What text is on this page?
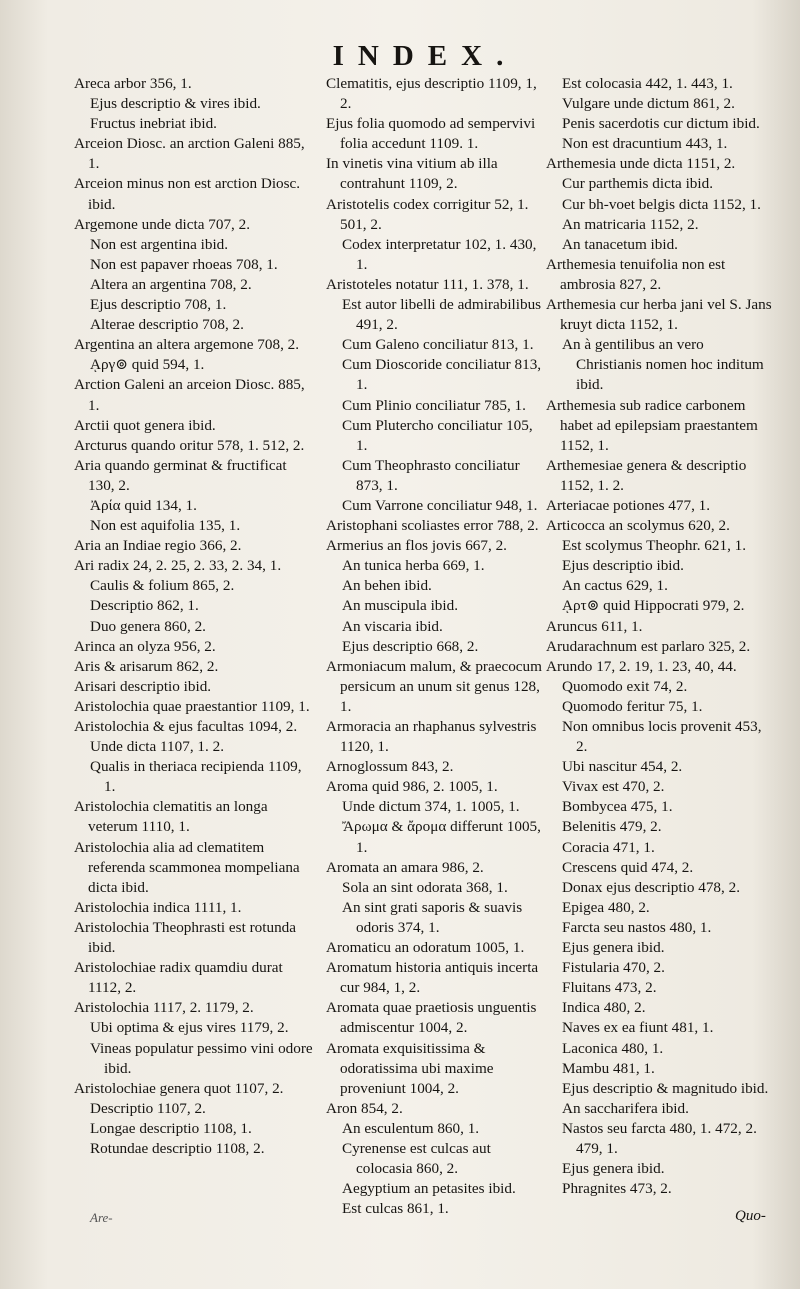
INDEX.
Areca arbor 356, 1.
Ejus descriptio & vires ibid.
Fructus inebriat ibid.
Arceion Diosc. an arction Galeni 885, 1.
Arceion minus non est arction Diosc. ibid.
Argemone unde dicta 707, 2.
Non est argentina ibid.
Non est papaver rhoeas 708, 1.
Altera an argentina 708, 2.
Ejus descriptio 708, 1.
Alterae descriptio 708, 2.
Argentina an altera argemone 708, 2.
ᾼργ⊚ quid 594, 1.
Arction Galeni an arceion Diosc. 885, 1.
Arctii quot genera ibid.
Arcturus quando oritur 578, 1. 512, 2.
Aria quando germinat & fructificat 130, 2.
Ἀρία quid 134, 1.
Non est aquifolia 135, 1.
Aria an Indiae regio 366, 2.
Ari radix 24, 2. 25, 2. 33, 2. 34, 1.
Caulis & folium 865, 2.
Descriptio 862, 1.
Duo genera 860, 2.
Arinca an olyza 956, 2.
Aris & arisarum 862, 2.
Arisari descriptio ibid.
Aristolochia quae praestantior 1109, 1.
Aristolochia & ejus facultas 1094, 2.
Unde dicta 1107, 1. 2.
Qualis in theriaca recipienda 1109, 1.
Aristolochia clematitis an longa veterum 1110, 1.
Aristolochia alia ad clematitem referenda scammonea mompeliana dicta ibid.
Aristolochia indica 1111, 1.
Aristolochia Theophrasti est rotunda ibid.
Aristolochiae radix quamdiu durat 1112, 2.
Aristolochia 1117, 2. 1179, 2.
Ubi optima & ejus vires 1179, 2.
Vineas populatur pessimo vini odore ibid.
Aristolochiae genera quot 1107, 2.
Descriptio 1107, 2.
Longae descriptio 1108, 1.
Rotundae descriptio 1108, 2.
Clematitis, ejus descriptio 1109, 1, 2.
Ejus folia quomodo ad sempervivi folia accedunt 1109. 1.
In vinetis vina vitium ab illa contrahunt 1109, 2.
Aristotelis codex corrigitur 52, 1. 501, 2.
Codex interpretatur 102, 1. 430, 1.
Aristoteles notatur 111, 1. 378, 1.
Est autor libelli de admirabilibus 491, 2.
Cum Galeno conciliatur 813, 1.
Cum Dioscoride conciliatur 813, 1.
Cum Plinio conciliatur 785, 1.
Cum Plutercho conciliatur 105, 1.
Cum Theophrasto conciliatur 873, 1.
Cum Varrone conciliatur 948, 1.
Aristophani scoliastes error 788, 2.
Armerius an flos jovis 667, 2.
An tunica herba 669, 1.
An behen ibid.
An muscipula ibid.
An viscaria ibid.
Ejus descriptio 668, 2.
Armoniacum malum, & praecocum persicum an unum sit genus 128, 1.
Armoracia an rhaphanus sylvestris 1120, 1.
Arnoglossum 843, 2.
Aroma quid 986, 2. 1005, 1.
Unde dictum 374, 1. 1005, 1.
Ἄρωμα & ἄρομα differunt 1005, 1.
Aromata an amara 986, 2.
Sola an sint odorata 368, 1.
An sint grati saporis & suavis odoris 374, 1.
Aromaticu an odoratum 1005, 1.
Aromatum historia antiquis incerta cur 984, 1, 2.
Aromata quae praetiosis unguentis admiscentur 1004, 2.
Aromata exquisitissima & odoratissima ubi maxime proveniunt 1004, 2.
Aron 854, 2.
An esculentum 860, 1.
Cyrenense est culcas aut colocasia 860, 2.
Aegyptium an petasites ibid.
Est culcas 861, 1.
Est colocasia 442, 1. 443, 1.
Vulgare unde dictum 861, 2.
Penis sacerdotis cur dictum ibid.
Non est dracuntium 443, 1.
Arthemesia unde dicta 1151, 2.
Cur parthemis dicta ibid.
Cur bh-voet belgis dicta 1152, 1.
An matricaria 1152, 2.
An tanacetum ibid.
Arthemesia tenuifolia non est ambrosia 827, 2.
Arthemesia cur herba jani vel S. Jans kruyt dicta 1152, 1.
An à gentilibus an vero Christianis nomen hoc inditum ibid.
Arthemesia sub radice carbonem habet ad epilepsiam praestantem 1152, 1.
Arthemesiae genera & descriptio 1152, 1. 2.
Arteriacae potiones 477, 1.
Articocca an scolymus 620, 2.
Est scolymus Theophr. 621, 1.
Ejus descriptio ibid.
An cactus 629, 1.
ᾼρτ⊚ quid Hippocrati 979, 2.
Aruncus 611, 1.
Arudarachnum est parlaro 325, 2.
Arundo 17, 2. 19, 1. 23, 40, 44.
Quomodo exit 74, 2.
Quomodo feritur 75, 1.
Non omnibus locis provenit 453, 2.
Ubi nascitur 454, 2.
Vivax est 470, 2.
Bombycea 475, 1.
Belenitis 479, 2.
Coracia 471, 1.
Crescens quid 474, 2.
Donax ejus descriptio 478, 2.
Epigea 480, 2.
Farcta seu nastos 480, 1.
Ejus genera ibid.
Fistularia 470, 2.
Fluitans 473, 2.
Indica 480, 2.
Naves ex ea fiunt 481, 1.
Laconica 480, 1.
Mambu 481, 1.
Ejus descriptio & magnitudo ibid.
An saccharifera ibid.
Nastos seu farcta 480, 1. 472, 2. 479, 1.
Ejus genera ibid.
Phragnites 473, 2.
Are-	Quo-
